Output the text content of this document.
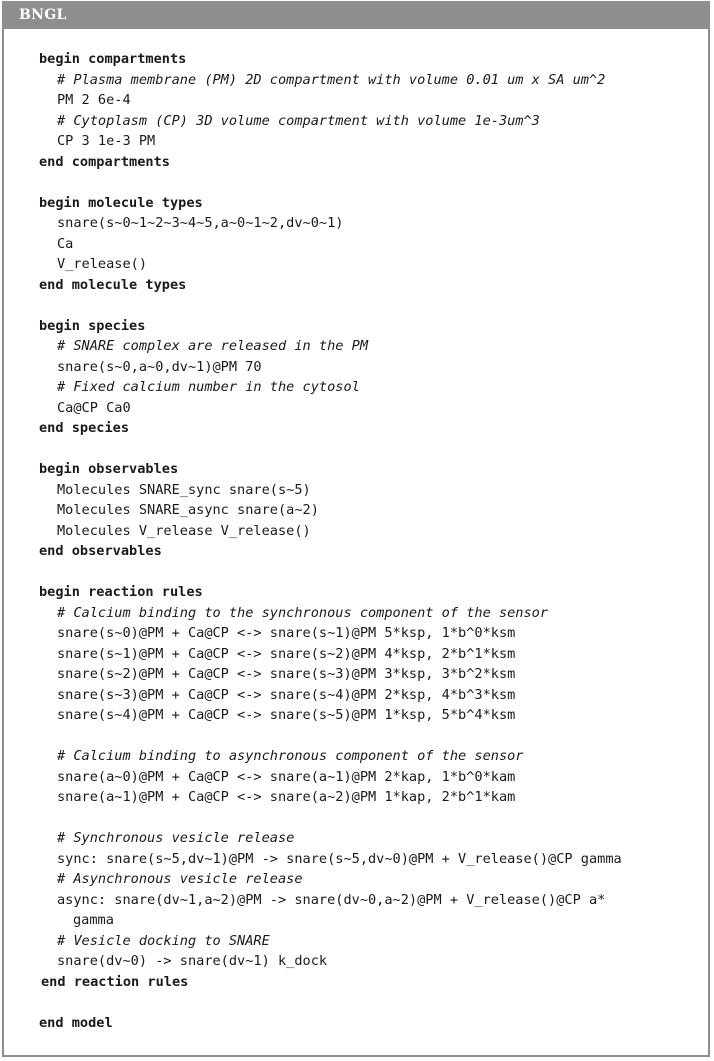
BNGL
begin compartments
# Plasma membrane (PM) 2D compartment with volume 0.01 um x SA um^2
PM 2 6e-4
# Cytoplasm (CP) 3D volume compartment with volume 1e-3um^3
CP 3 1e-3 PM
end compartments
begin molecule types
snare(s~0~1~2~3~4~5,a~0~1~2,dv~0~1)
Ca
V_release()
end molecule types
begin species
# SNARE complex are released in the PM
snare(s~0,a~0,dv~1)@PM 70
# Fixed calcium number in the cytosol
Ca@CP Ca0
end species
begin observables
Molecules SNARE_sync snare(s~5)
Molecules SNARE_async snare(a~2)
Molecules V_release V_release()
end observables
begin reaction rules
# Calcium binding to the synchronous component of the sensor
snare(s~0)@PM + Ca@CP <-> snare(s~1)@PM 5*ksp, 1*b^0*ksm
snare(s~1)@PM + Ca@CP <-> snare(s~2)@PM 4*ksp, 2*b^1*ksm
snare(s~2)@PM + Ca@CP <-> snare(s~3)@PM 3*ksp, 3*b^2*ksm
snare(s~3)@PM + Ca@CP <-> snare(s~4)@PM 2*ksp, 4*b^3*ksm
snare(s~4)@PM + Ca@CP <-> snare(s~5)@PM 1*ksp, 5*b^4*ksm
# Calcium binding to asynchronous component of the sensor
snare(a~0)@PM + Ca@CP <-> snare(a~1)@PM 2*kap, 1*b^0*kam
snare(a~1)@PM + Ca@CP <-> snare(a~2)@PM 1*kap, 2*b^1*kam
# Synchronous vesicle release
sync: snare(s~5,dv~1)@PM -> snare(s~5,dv~0)@PM + V_release()@CP gamma
# Asynchronous vesicle release
async: snare(dv~1,a~2)@PM -> snare(dv~0,a~2)@PM + V_release()@CP a*
gamma
# Vesicle docking to SNARE
snare(dv~0) -> snare(dv~1) k_dock
end reaction rules
end model
